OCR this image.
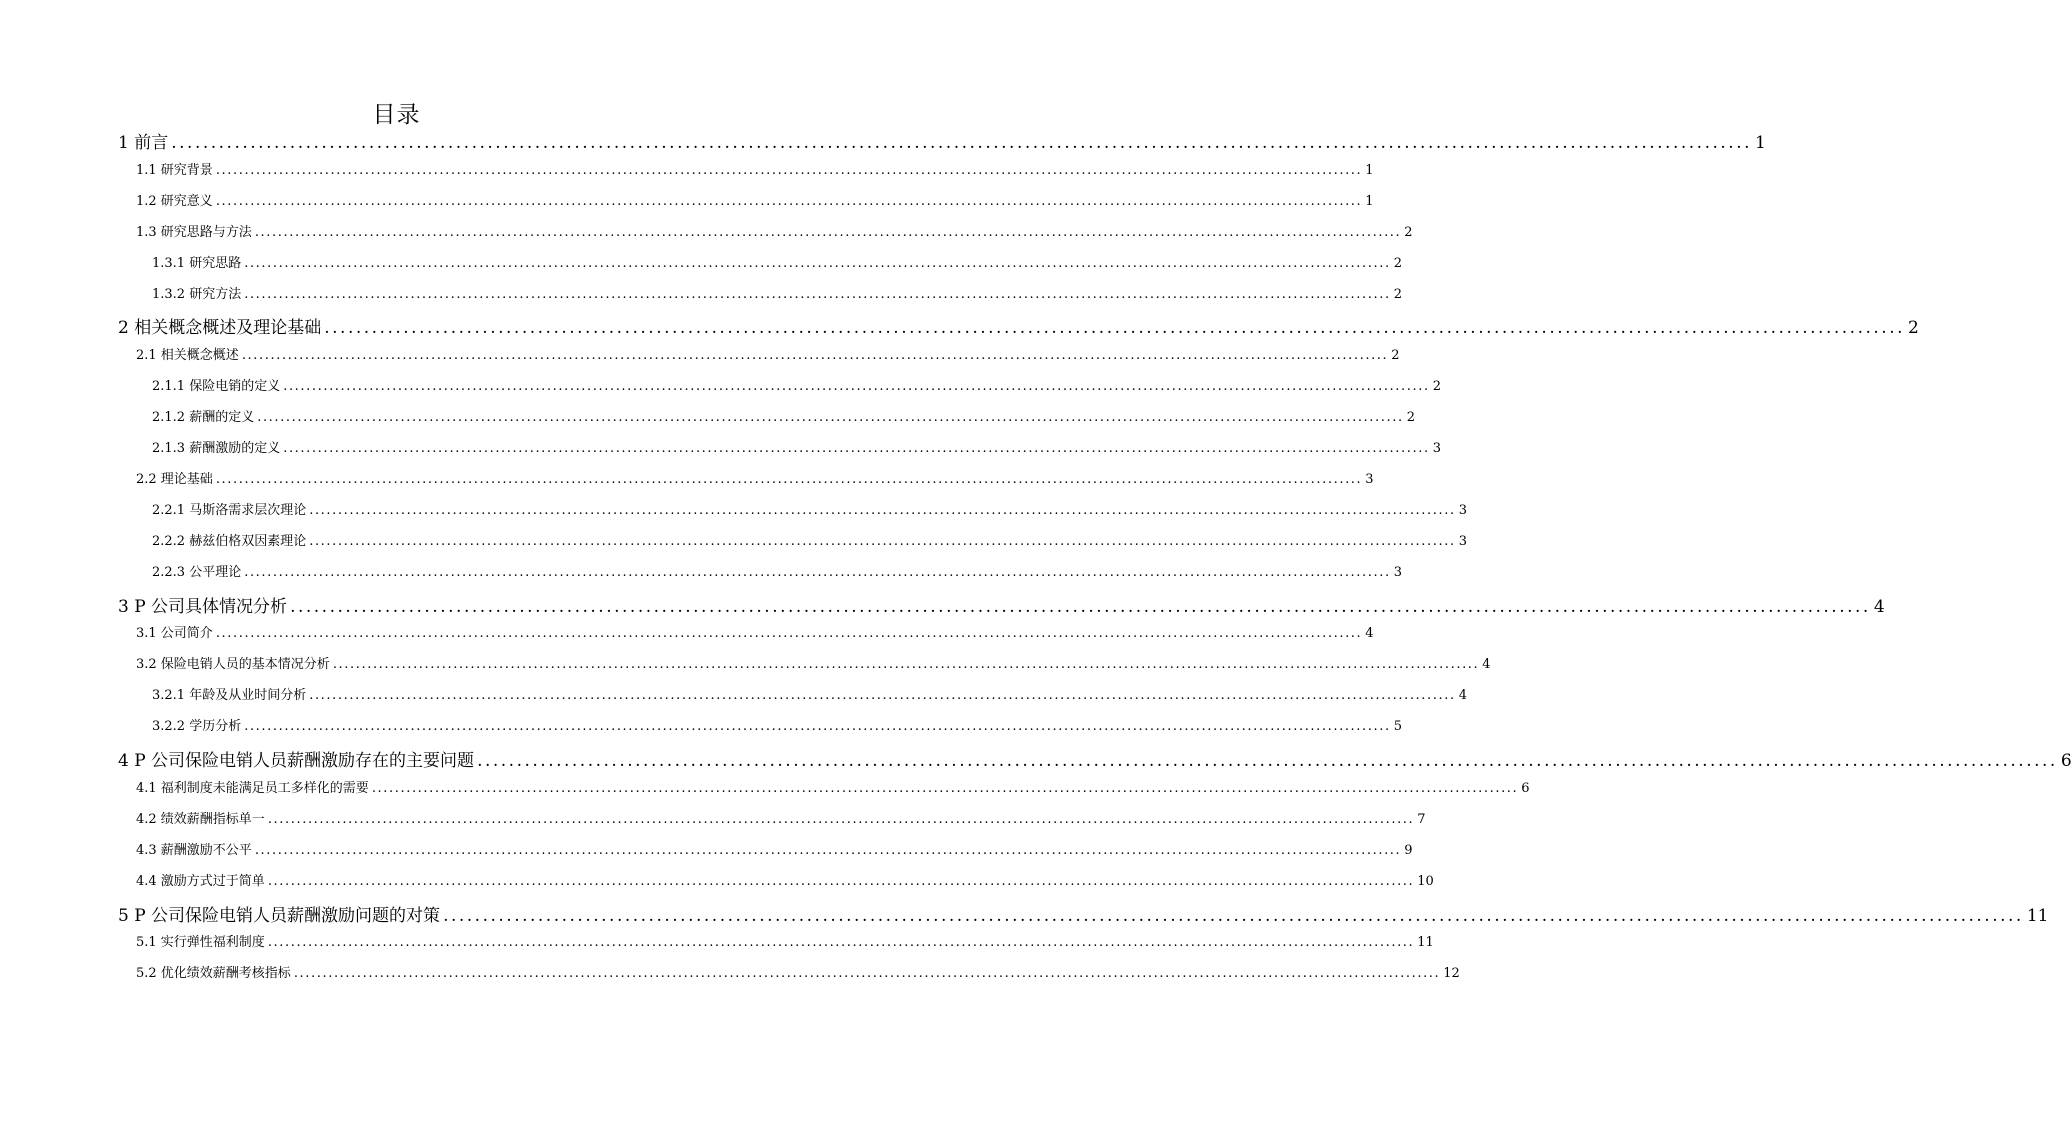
目录
1 前言 ........................................................................................................................................................................................................ 1
1.1 研究背景 ........................................................................................................................................................................................................ 1
1.2 研究意义 ........................................................................................................................................................................................................ 1
1.3 研究思路与方法 ........................................................................................................................................................................................................ 2
1.3.1 研究思路 ........................................................................................................................................................................................................ 2
1.3.2 研究方法 ........................................................................................................................................................................................................ 2
2 相关概念概述及理论基础 ........................................................................................................................................................................................................ 2
2.1 相关概念概述 ........................................................................................................................................................................................................ 2
2.1.1 保险电销的定义 ........................................................................................................................................................................................................ 2
2.1.2 薪酬的定义 ........................................................................................................................................................................................................ 2
2.1.3 薪酬激励的定义 ........................................................................................................................................................................................................ 3
2.2 理论基础 ........................................................................................................................................................................................................ 3
2.2.1 马斯洛需求层次理论 ........................................................................................................................................................................................................ 3
2.2.2 赫兹伯格双因素理论 ........................................................................................................................................................................................................ 3
2.2.3 公平理论 ........................................................................................................................................................................................................ 3
3 P 公司具体情况分析 ........................................................................................................................................................................................................ 4
3.1 公司简介 ........................................................................................................................................................................................................ 4
3.2 保险电销人员的基本情况分析 ........................................................................................................................................................................................................ 4
3.2.1 年龄及从业时间分析 ........................................................................................................................................................................................................ 4
3.2.2 学历分析 ........................................................................................................................................................................................................ 5
4 P 公司保险电销人员薪酬激励存在的主要问题 ........................................................................................................................................................................................................ 6
4.1 福利制度未能满足员工多样化的需要 ........................................................................................................................................................................................................ 6
4.2 绩效薪酬指标单一 ........................................................................................................................................................................................................ 7
4.3 薪酬激励不公平 ........................................................................................................................................................................................................ 9
4.4 激励方式过于简单 ........................................................................................................................................................................................................ 10
5 P 公司保险电销人员薪酬激励问题的对策 ........................................................................................................................................................................................................ 11
5.1 实行弹性福利制度 ........................................................................................................................................................................................................ 11
5.2 优化绩效薪酬考核指标 ........................................................................................................................................................................................................ 12
